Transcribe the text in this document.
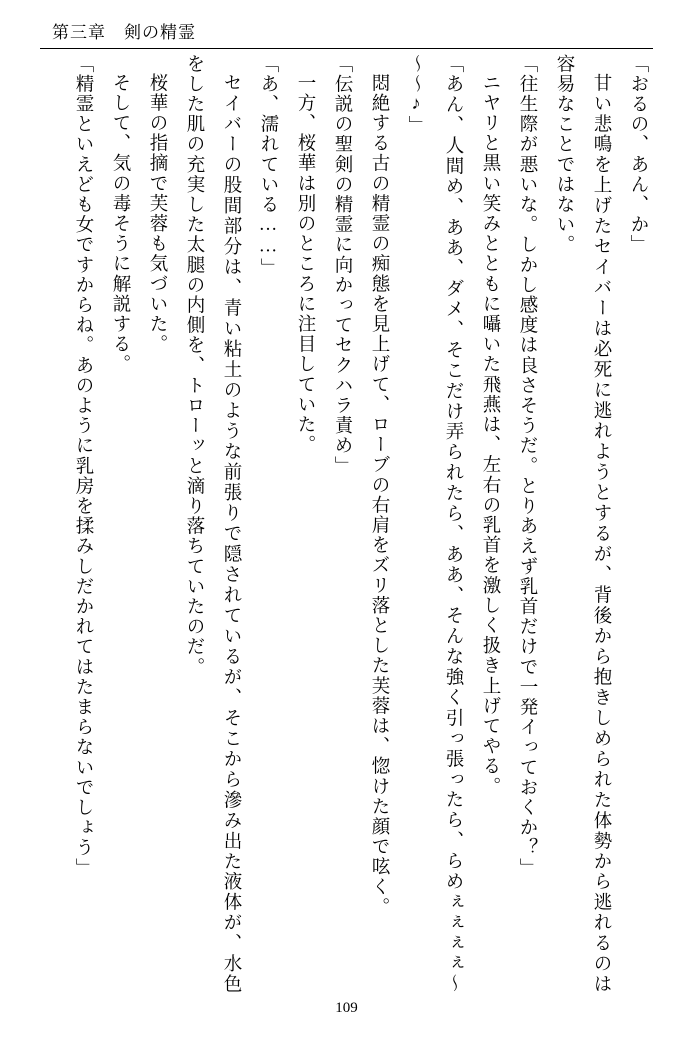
第三章 剣の精霊

「おるの、あん、か」

甘い悲鳴を上げたセイバーは必死に逃れようとするが、背後から抱きしめられた体勢から逃れるのは容易なことではない。

「往生際が悪いな。しかし感度は良さそうだ。とりあえず乳首だけで一発イっておくか？」

ニヤリと黒い笑みとともに囁いた飛燕は、左右の乳首を激しく扱き上げてやる。

「あん、人間め、ああ、ダメ、そこだけ弄られたら、ああ、そんな強く引っ張ったら、らめぇぇぇぇ～～～♪」

悶絶する古の精霊の痴態を見上げて、ローブの右肩をズリ落とした芙蓉は、惚けた顔で呟く。

「伝説の聖剣の精霊に向かってセクハラ責め」

一方、桜華は別のところに注目していた。

「あ、濡れている……」

セイバーの股間部分は、青い粘土のような前張りで隠されているが、そこから滲み出た液体が、水色をした肌の充実した太腿の内側を、トローッと滴り落ちていたのだ。

桜華の指摘で芙蓉も気づいた。

そして、気の毒そうに解説する。

「精霊といえども女ですからね。あのように乳房を揉みしだかれてはたまらないでしょう」

109
